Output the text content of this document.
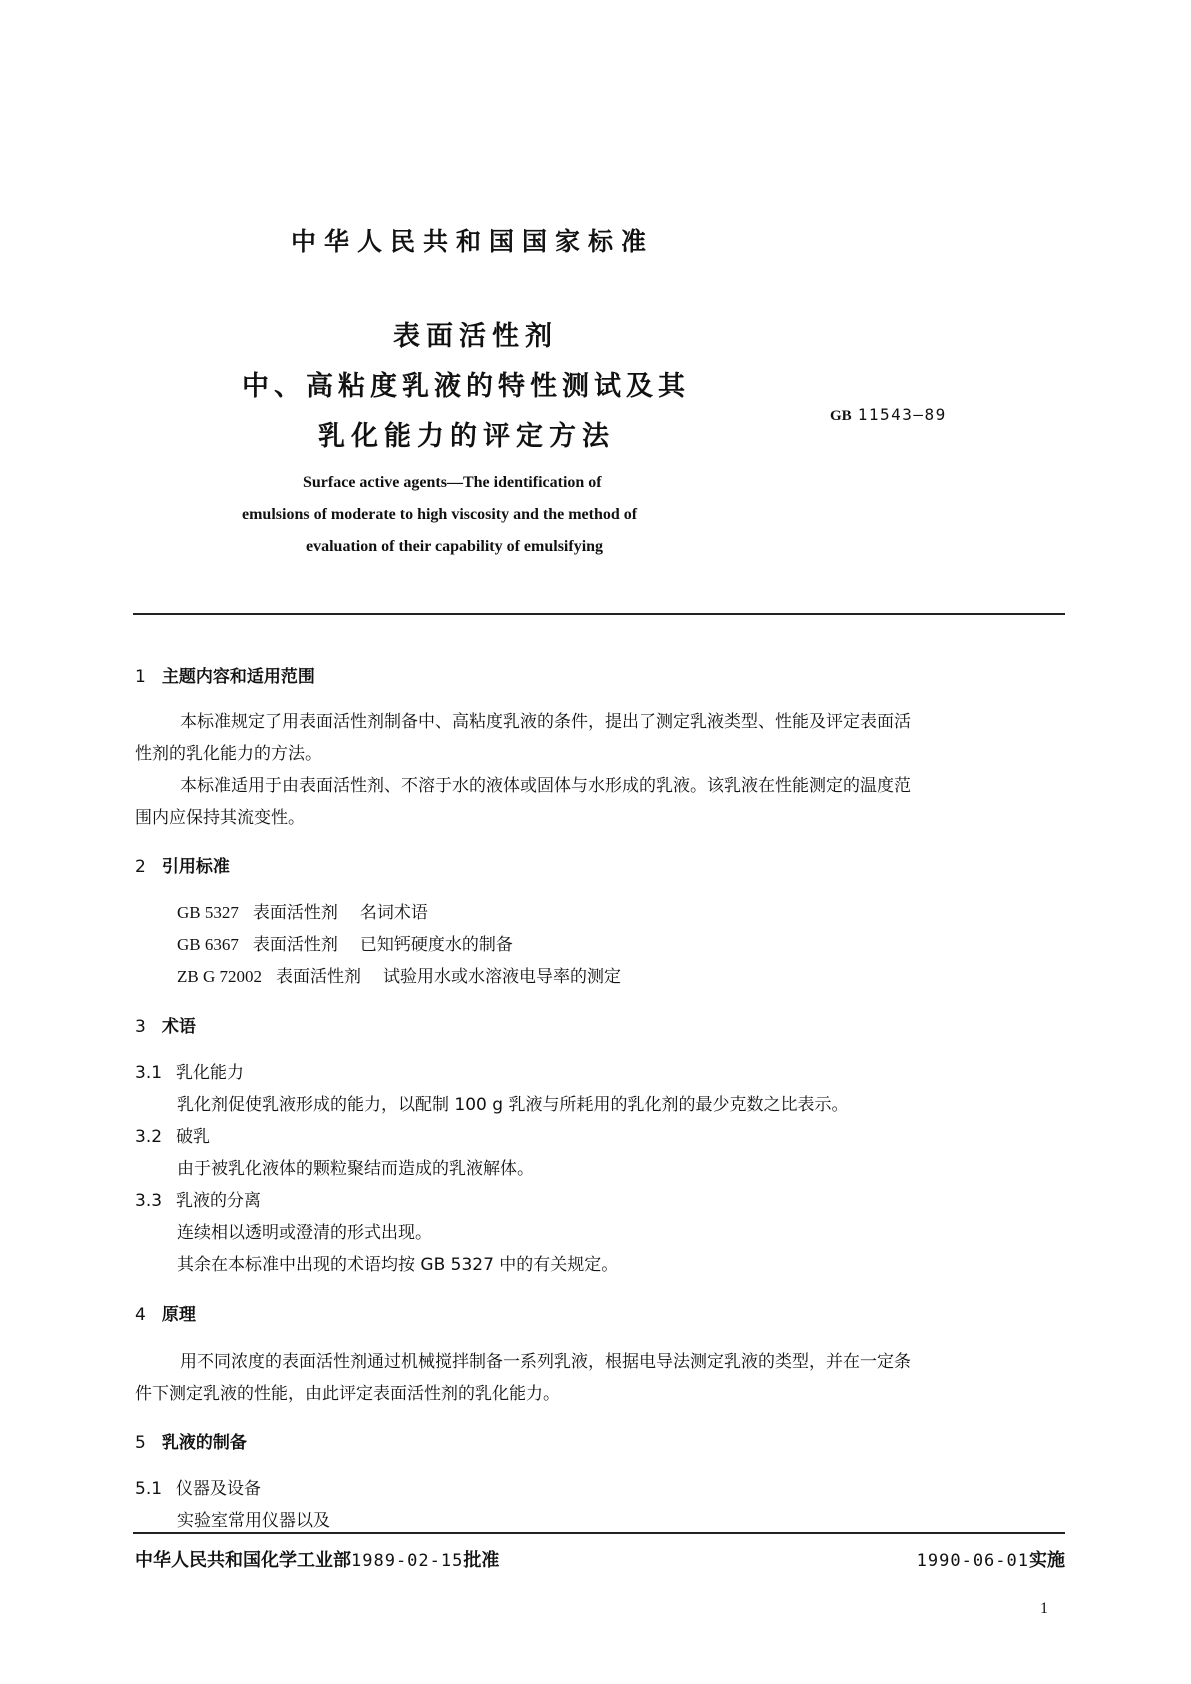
中华人民共和国国家标准
表面活性剂
中、高粘度乳液的特性测试及其
乳化能力的评定方法
GB 11543—89
Surface active agents—The identification of
emulsions of moderate to high viscosity and the method of
evaluation of their capability of emulsifying
1 主题内容和适用范围
本标准规定了用表面活性剂制备中、高粘度乳液的条件，提出了测定乳液类型、性能及评定表面活
性剂的乳化能力的方法。
本标准适用于由表面活性剂、不溶于水的液体或固体与水形成的乳液。该乳液在性能测定的温度范
围内应保持其流变性。
2 引用标准
GB 5327 表面活性剂 名词术语
GB 6367 表面活性剂 已知钙硬度水的制备
ZB G 72002 表面活性剂 试验用水或水溶液电导率的测定
3 术语
3.1 乳化能力
乳化剂促使乳液形成的能力，以配制 100 g 乳液与所耗用的乳化剂的最少克数之比表示。
3.2 破乳
由于被乳化液体的颗粒聚结而造成的乳液解体。
3.3 乳液的分离
连续相以透明或澄清的形式出现。
其余在本标准中出现的术语均按 GB 5327 中的有关规定。
4 原理
用不同浓度的表面活性剂通过机械搅拌制备一系列乳液，根据电导法测定乳液的类型，并在一定条
件下测定乳液的性能，由此评定表面活性剂的乳化能力。
5 乳液的制备
5.1 仪器及设备
实验室常用仪器以及
中华人民共和国化学工业部1989-02-15批准	1990-06-01实施
1
